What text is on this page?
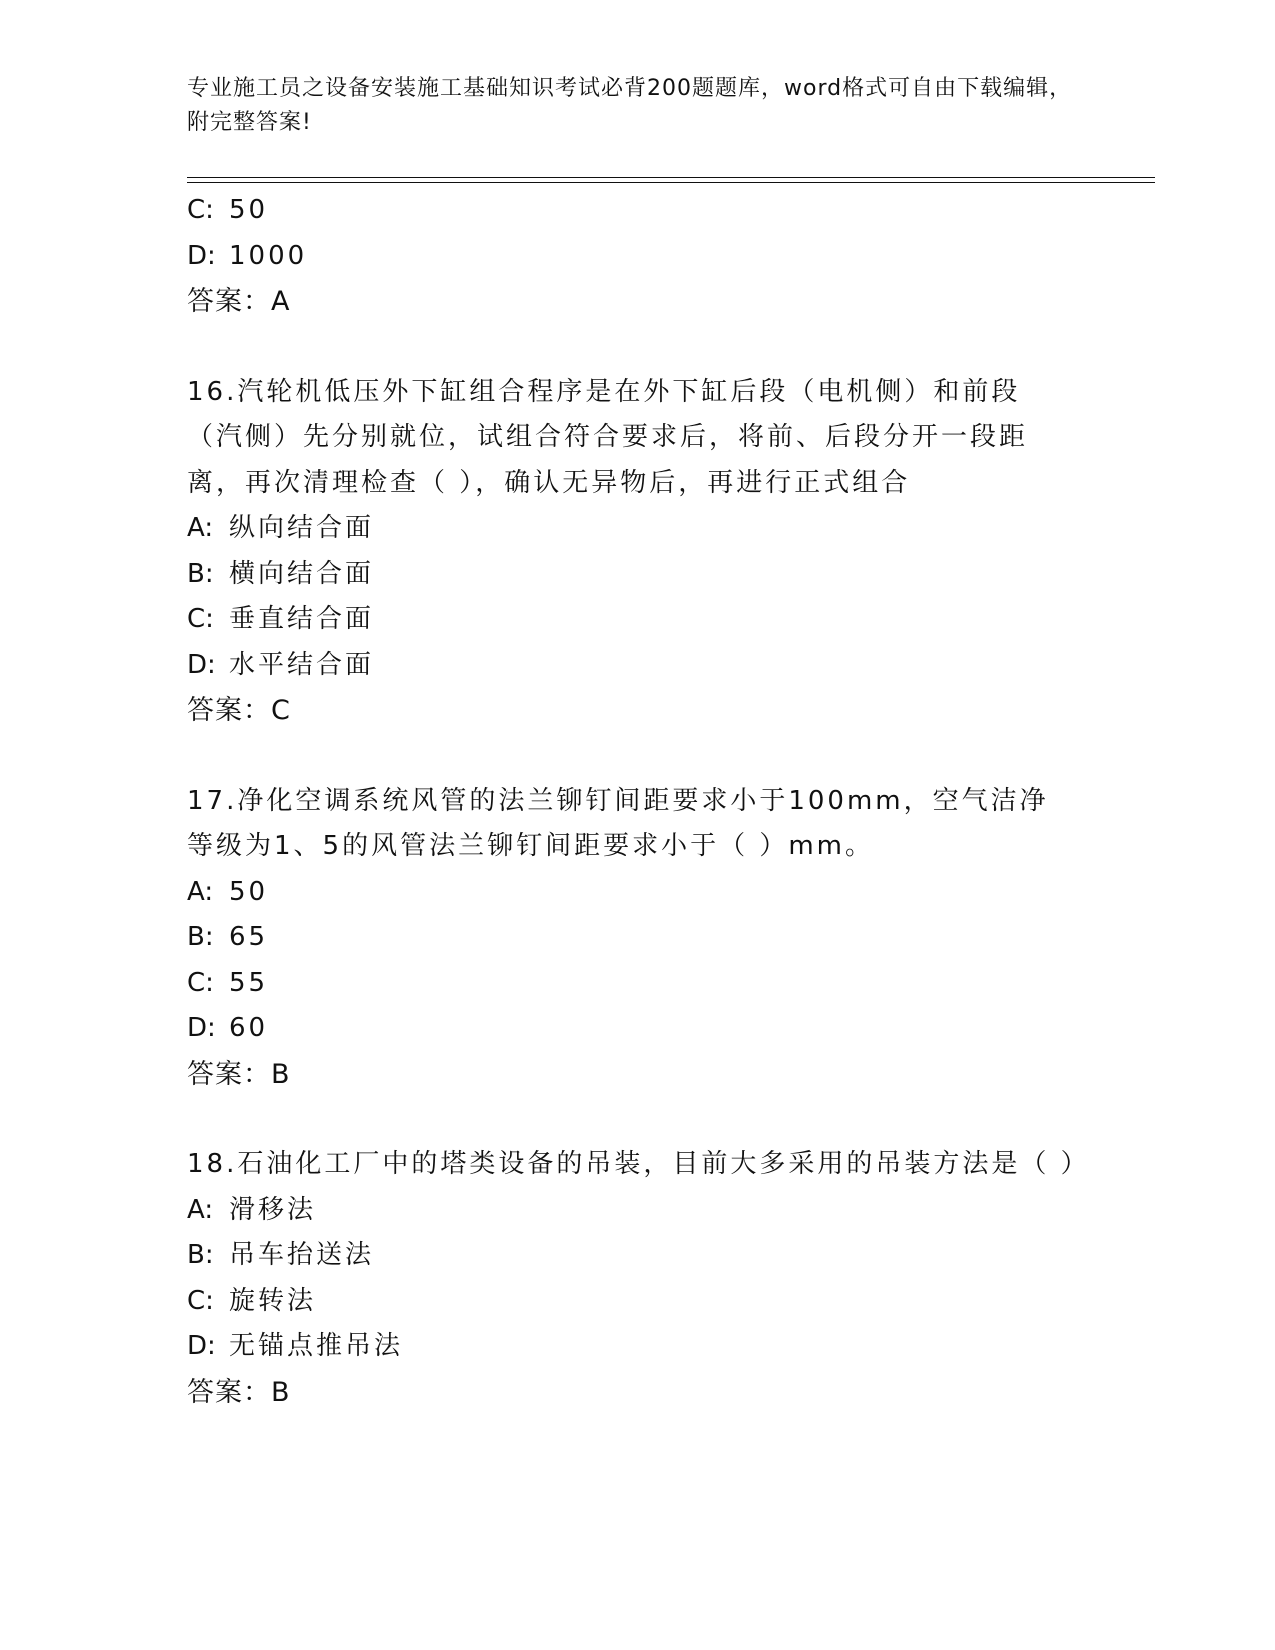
专业施工员之设备安装施工基础知识考试必背200题题库，word格式可自由下载编辑，附完整答案!
C: 50
D: 1000
答案：A
16.汽轮机低压外下缸组合程序是在外下缸后段（电机侧）和前段（汽侧）先分别就位，试组合符合要求后，将前、后段分开一段距离，再次清理检查（ ），确认无异物后，再进行正式组合
A: 纵向结合面
B: 横向结合面
C: 垂直结合面
D: 水平结合面
答案：C
17.净化空调系统风管的法兰铆钉间距要求小于100mm，空气洁净等级为1、5的风管法兰铆钉间距要求小于（ ）mm。
A: 50
B: 65
C: 55
D: 60
答案：B
18.石油化工厂中的塔类设备的吊装，目前大多采用的吊装方法是（ ）
A: 滑移法
B: 吊车抬送法
C: 旋转法
D: 无锚点推吊法
答案：B
